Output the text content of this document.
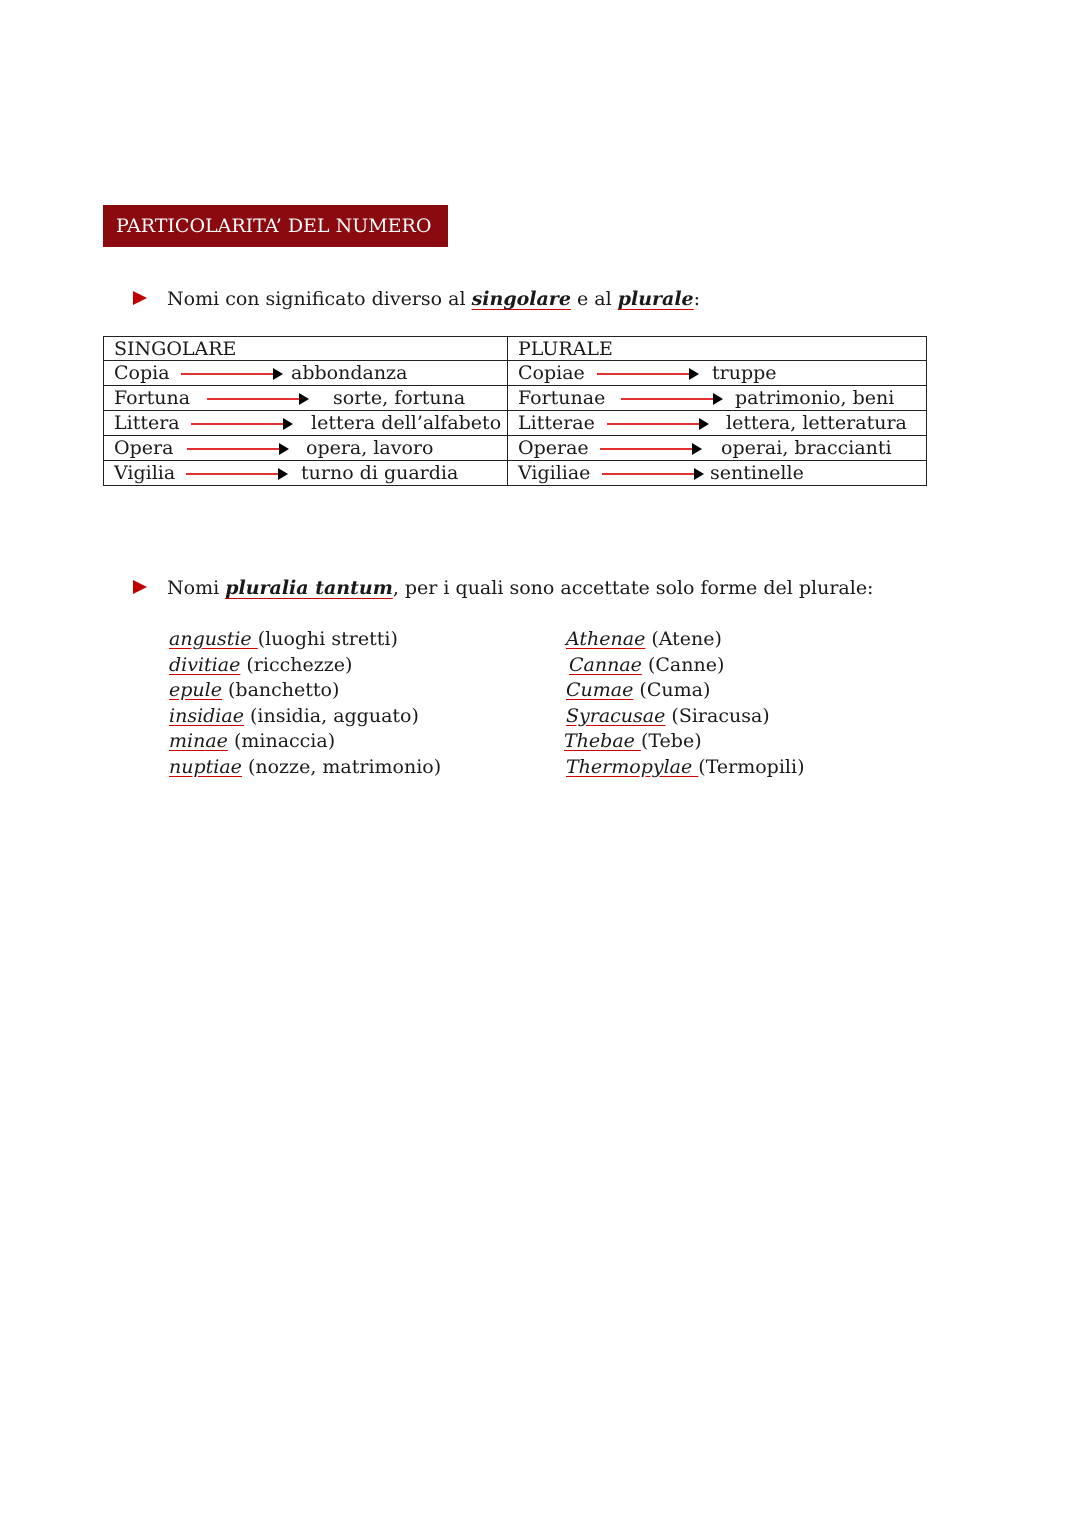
PARTICOLARITA’ DEL NUMERO
Nomi con significato diverso al singolare e al plurale:
SINGOLARE	PLURALE

Copia abbondanza	Copiae truppe

Fortuna sorte, fortuna	Fortunae patrimonio, beni

Littera lettera dell’alfabeto	Litterae lettera, letteratura

Opera opera, lavoro	Operae operai, braccianti

Vigilia turno di guardia	Vigiliae sentinelle
Nomi pluralia tantum, per i quali sono accettate solo forme del plurale:
angustie (luoghi stretti)
divitiae (ricchezze)
epule (banchetto)
insidiae (insidia, agguato)
minae (minaccia)
nuptiae (nozze, matrimonio)
Athenae (Atene)
Cannae (Canne)
Cumae (Cuma)
Syracusae (Siracusa)
Thebae (Tebe)
Thermopylae (Termopili)
